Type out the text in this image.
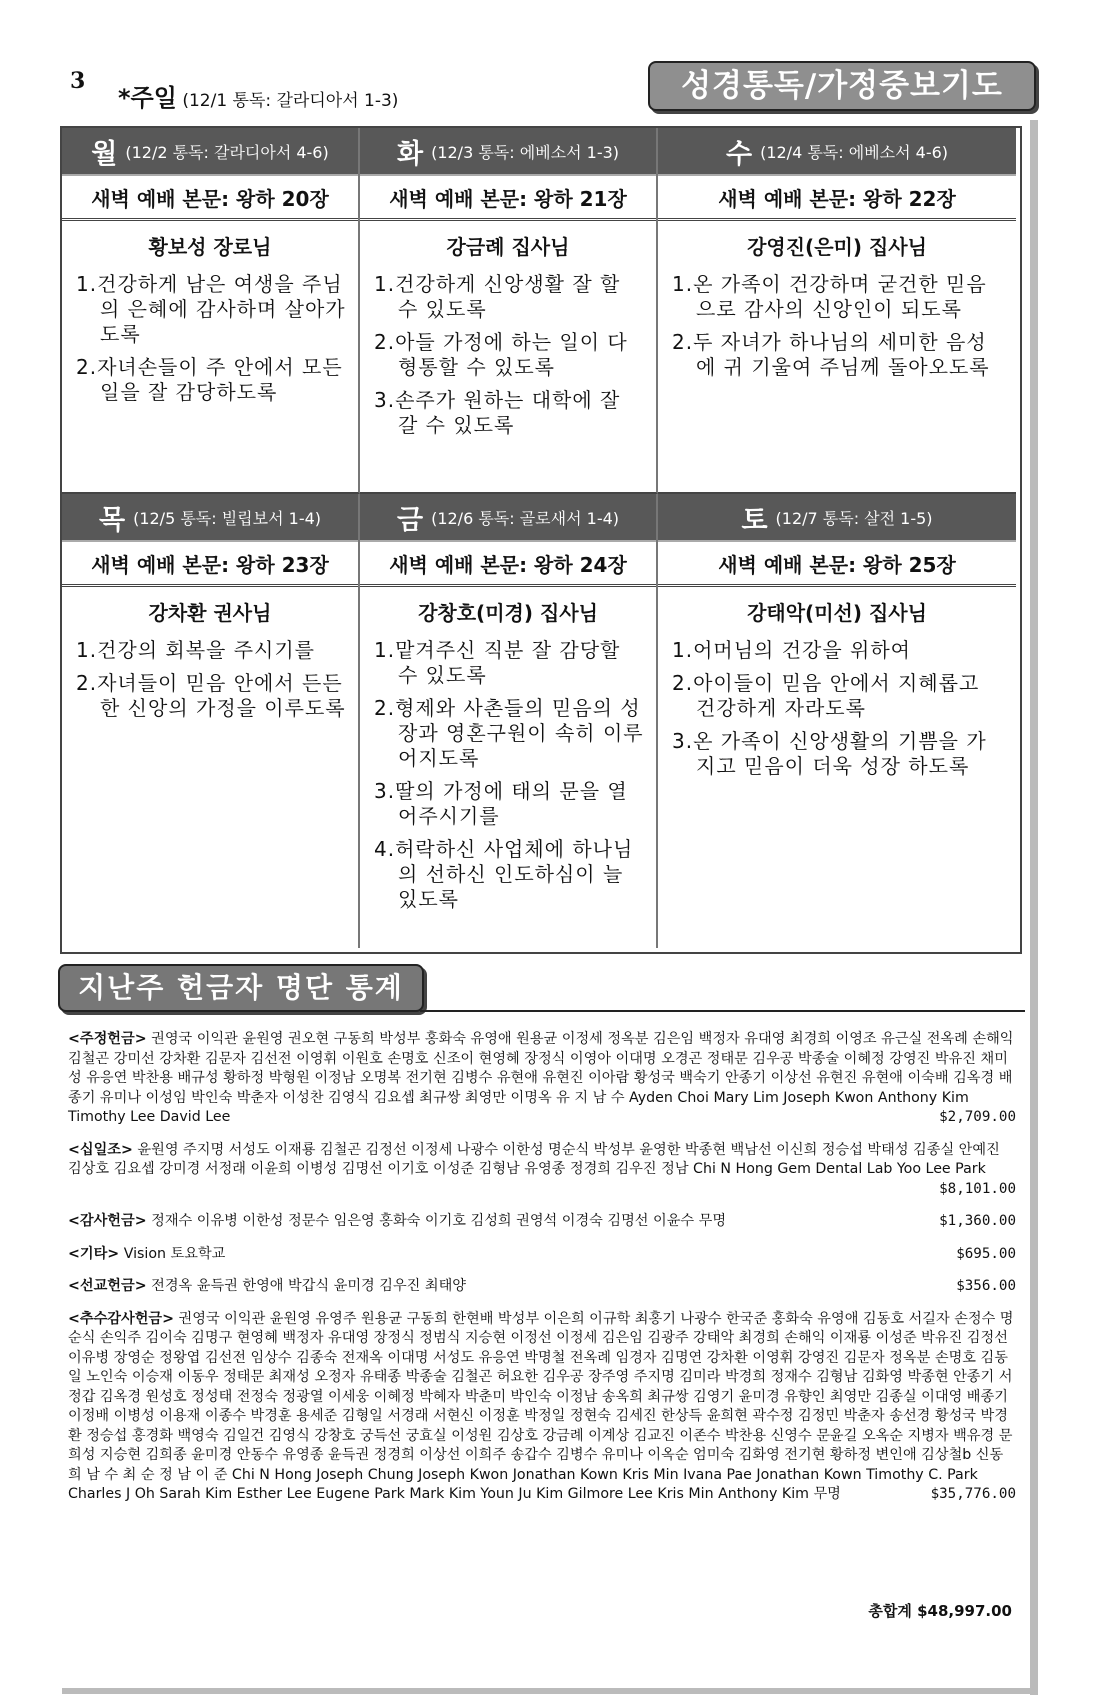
3
*주일 (12/1 통독: 갈라디아서 1-3)	성경통독/가정중보기도
월 (12/2 통독: 갈라디아서 4-6)
새벽 예배 본문: 왕하 20장
황보성 장로님
1.건강하게 남은 여생을 주님의 은혜에 감사하며 살아가도록
2.자녀손들이 주 안에서 모든 일을 잘 감당하도록
화 (12/3 통독: 에베소서 1-3)
새벽 예배 본문: 왕하 21장
강금례 집사님
1.건강하게 신앙생활 잘 할 수 있도록
2.아들 가정에 하는 일이 다 형통할 수 있도록
3.손주가 원하는 대학에 잘 갈 수 있도록
수 (12/4 통독: 에베소서 4-6)
새벽 예배 본문: 왕하 22장
강영진(은미) 집사님
1.온 가족이 건강하며 굳건한 믿음으로 감사의 신앙인이 되도록
2.두 자녀가 하나님의 세미한 음성에 귀 기울여 주님께 돌아오도록
목 (12/5 통독: 빌립보서 1-4)
새벽 예배 본문: 왕하 23장
강차환 권사님
1.건강의 회복을 주시기를
2.자녀들이 믿음 안에서 든든한 신앙의 가정을 이루도록
금 (12/6 통독: 골로새서 1-4)
새벽 예배 본문: 왕하 24장
강창호(미경) 집사님
1.맡겨주신 직분 잘 감당할 수 있도록
2.형제와 사촌들의 믿음의 성장과 영혼구원이 속히 이루어지도록
3.딸의 가정에 태의 문을 열어주시기를
4.허락하신 사업체에 하나님의 선하신 인도하심이 늘 있도록
토 (12/7 통독: 살전 1-5)
새벽 예배 본문: 왕하 25장
강태악(미선) 집사님
1.어머님의 건강을 위하여
2.아이들이 믿음 안에서 지혜롭고 건강하게 자라도록
3.온 가족이 신앙생활의 기쁨을 가지고 믿음이 더욱 성장 하도록
지난주 헌금자 명단 통계
<주정헌금> 권영국 이익관 윤원영 권오현 구동희 박성부 홍화숙 유영애 원용균 이정세 정옥분 김은임 백정자 유대영 최경희 이영조 유근실 전옥례 손해익 김철곤 강미선 강차환 김문자 김선전 이영휘 이원호 손명호 신조이 현영혜 장정식 이영아 이대명 오경곤 정태문 김우공 박종술 이혜정 강영진 박유진 채미성 유응연 박찬용 배규성 황하정 박형원 이정남 오명복 전기현 김병수 유현애 유현진 이아람 황성국 백숙기 안종기 이상선 유현진 유현애 이숙배 김옥경 배종기 유미나 이성임 박인숙 박춘자 이성찬 김영식 김요셉 최규쌍 최영만 이명옥 유 지 남 수 Ayden Choi Mary Lim Joseph Kwon Anthony Kim Timothy Lee David Lee	$2,709.00
<십일조> 윤원영 주지명 서성도 이재룡 김철곤 김정선 이정세 나광수 이한성 명순식 박성부 윤영한 박종현 백남선 이신희 정승섭 박태성 김종실 안예진 김상호 김요셉 강미경 서정래 이윤희 이병성 김명선 이기호 이성준 김형남 유영종 정경희 김우진 정남 Chi N Hong Gem Dental Lab Yoo Lee Park
$8,101.00
<감사헌금> 정재수 이유병 이한성 정문수 임은영 홍화숙 이기호 김성희 권영석 이경숙 김명선 이윤수 무명	$1,360.00
<기타> Vision 토요학교	$695.00
<선교헌금> 전경옥 윤득권 한영애 박갑식 윤미경 김우진 최태양	$356.00
<추수감사헌금> 권영국 이익관 윤원영 유영주 원용균 구동희 한현배 박성부 이은희 이규학 최홍기 나광수 한국준 홍화숙 유영애 김동호 서길자 손정수 명순식 손익주 김이숙 김명구 현영혜 백정자 유대영 장정식 정범식 지승현 이정선 이정세 김은임 김광주 강태악 최경희 손해익 이재룡 이성준 박유진 김정선 이유병 장영순 정왕엽 김선전 임상수 김종숙 전재옥 이대명 서성도 유응연 박명철 전옥례 임경자 김명연 강차환 이영휘 강영진 김문자 정옥분 손명호 김동일 노인숙 이승재 이동우 정태문 최재성 오정자 유태종 박종술 김철곤 허요한 김우공 장주영 주지명 김미라 박경희 정재수 김형남 김화영 박종현 안종기 서정갑 김옥경 원성호 정성태 전정숙 정광열 이세웅 이혜정 박혜자 박춘미 박인숙 이정남 송옥희 최규쌍 김영기 윤미경 유향인 최영만 김종실 이대영 배종기 이정배 이병성 이용재 이종수 박경훈 용세준 김형일 서경래 서현신 이정훈 박정일 정현숙 김세진 한상득 윤희현 곽수정 김정민 박춘자 송선경 황성국 박경환 정승섭 홍경화 백영숙 김일건 김영식 강창호 궁득선 궁효실 이성원 김상호 강금례 이계상 김교진 이존수 박찬용 신영수 문윤길 오옥순 지병자 백유경 문희성 지승현 김희종 윤미경 안동수 유영종 윤득권 정경희 이상선 이희주 송갑수 김병수 유미나 이옥순 엄미숙 김화영 전기현 황하정 변인애 김상철b 신동희 남 수 최 순 정 남 이 준 Chi N Hong Joseph Chung Joseph Kwon Jonathan Kown Kris Min Ivana Pae Jonathan Kown Timothy C. Park Charles J Oh Sarah Kim Esther Lee Eugene Park Mark Kim Youn Ju Kim Gilmore Lee Kris Min Anthony Kim 무명	$35,776.00
총합계 $48,997.00
